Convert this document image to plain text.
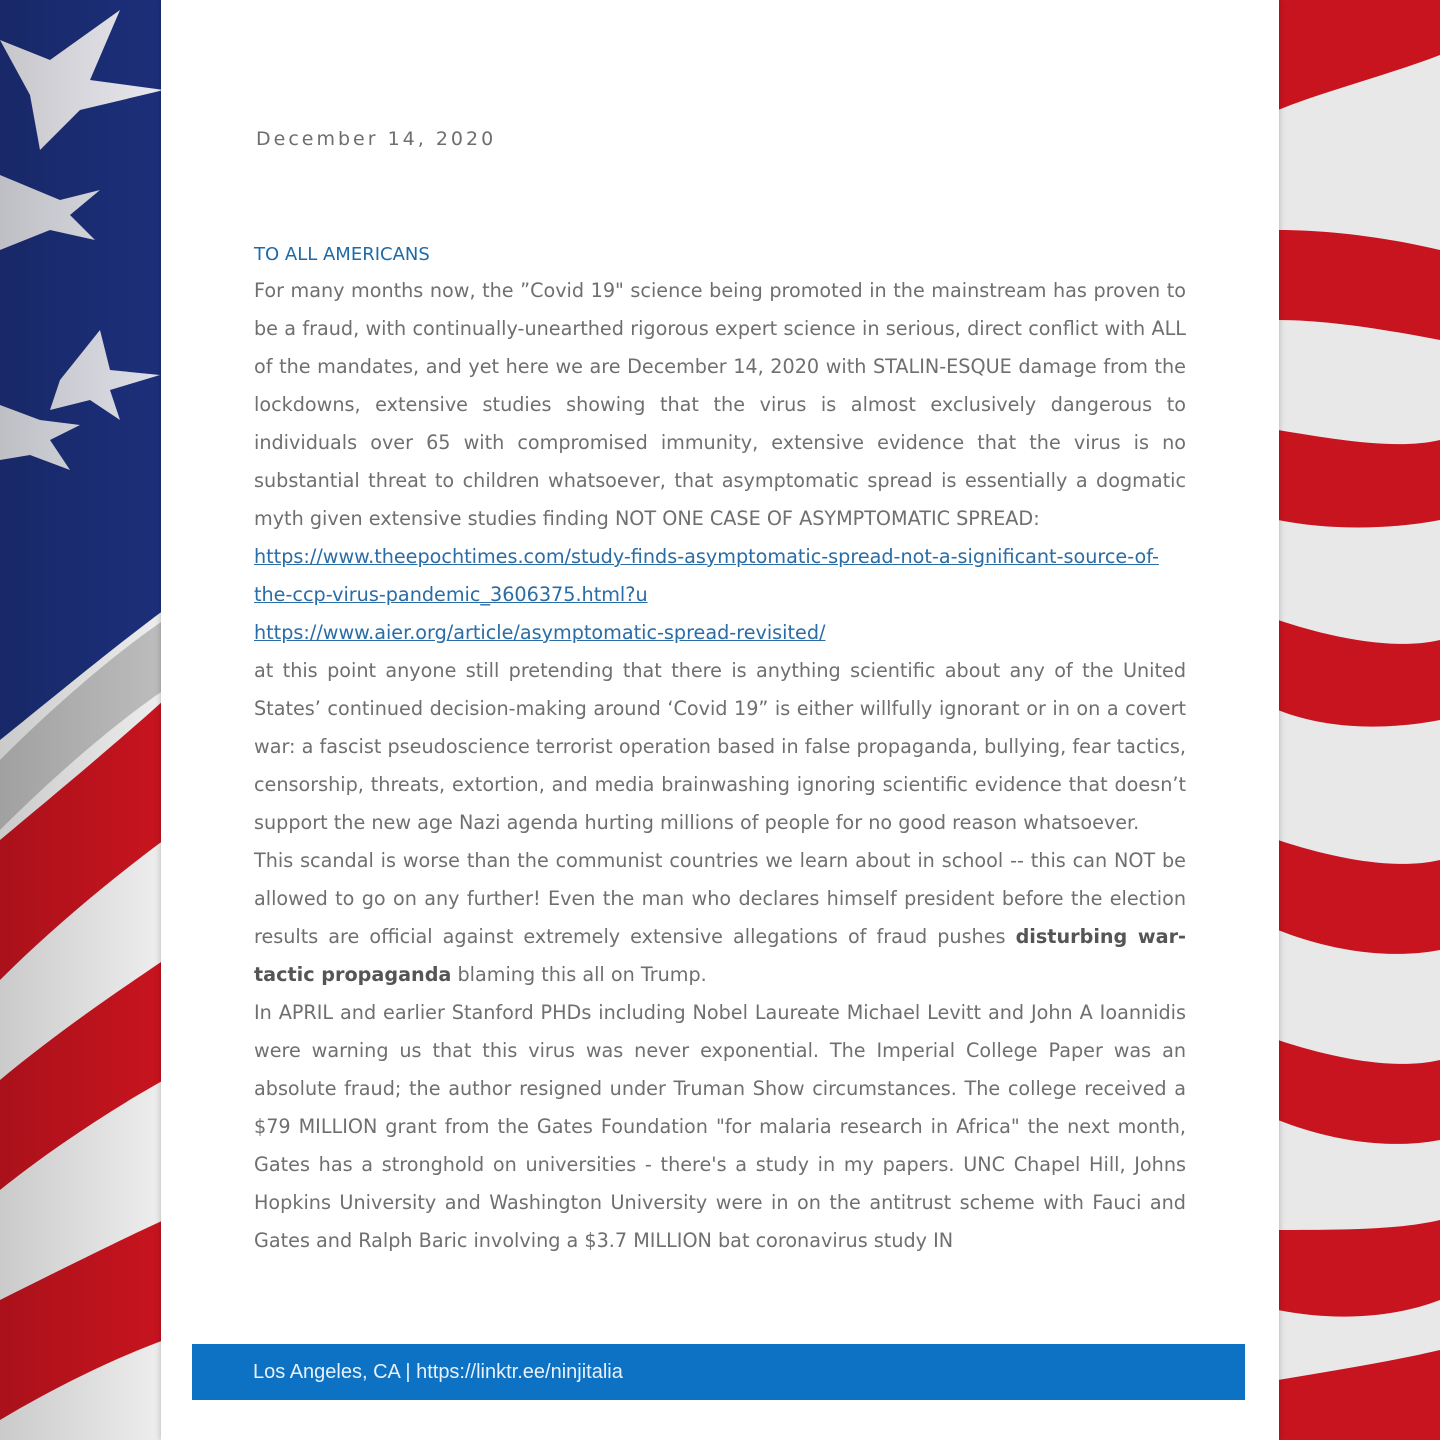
December 14, 2020
TO ALL AMERICANS

For many months now, the ”Covid 19" science being promoted in the mainstream has proven to be a fraud, with continually-unearthed rigorous expert science in serious, direct conflict with ALL of the mandates, and yet here we are December 14, 2020 with STALIN-ESQUE damage from the lockdowns, extensive studies showing that the virus is almost exclusively dangerous to individuals over 65 with compromised immunity, extensive evidence that the virus is no substantial threat to children whatsoever, that asymptomatic spread is essentially a dogmatic myth given extensive studies finding NOT ONE CASE OF ASYMPTOMATIC SPREAD:

https://www.theepochtimes.com/study-finds-asymptomatic-spread-not-a-significant-source-of-the-ccp-virus-pandemic_3606375.html?u
https://www.aier.org/article/asymptomatic-spread-revisited/

at this point anyone still pretending that there is anything scientific about any of the United States’ continued decision-making around ‘Covid 19” is either willfully ignorant or in on a covert war: a fascist pseudoscience terrorist operation based in false propaganda, bullying, fear tactics, censorship, threats, extortion, and media brainwashing ignoring scientific evidence that doesn’t support the new age Nazi agenda hurting millions of people for no good reason whatsoever.

This scandal is worse than the communist countries we learn about in school -- this can NOT be allowed to go on any further! Even the man who declares himself president before the election results are official against extremely extensive allegations of fraud pushes disturbing war-tactic propaganda blaming this all on Trump.

In APRIL and earlier Stanford PHDs including Nobel Laureate Michael Levitt and John A Ioannidis were warning us that this virus was never exponential. The Imperial College Paper was an absolute fraud; the author resigned under Truman Show circumstances. The college received a $79 MILLION grant from the Gates Foundation "for malaria research in Africa" the next month, Gates has a stronghold on universities - there's a study in my papers. UNC Chapel Hill, Johns Hopkins University and Washington University were in on the antitrust scheme with Fauci and Gates and Ralph Baric involving a $3.7 MILLION bat coronavirus study IN

Los Angeles, CA | https://linktr.ee/ninjitalia
